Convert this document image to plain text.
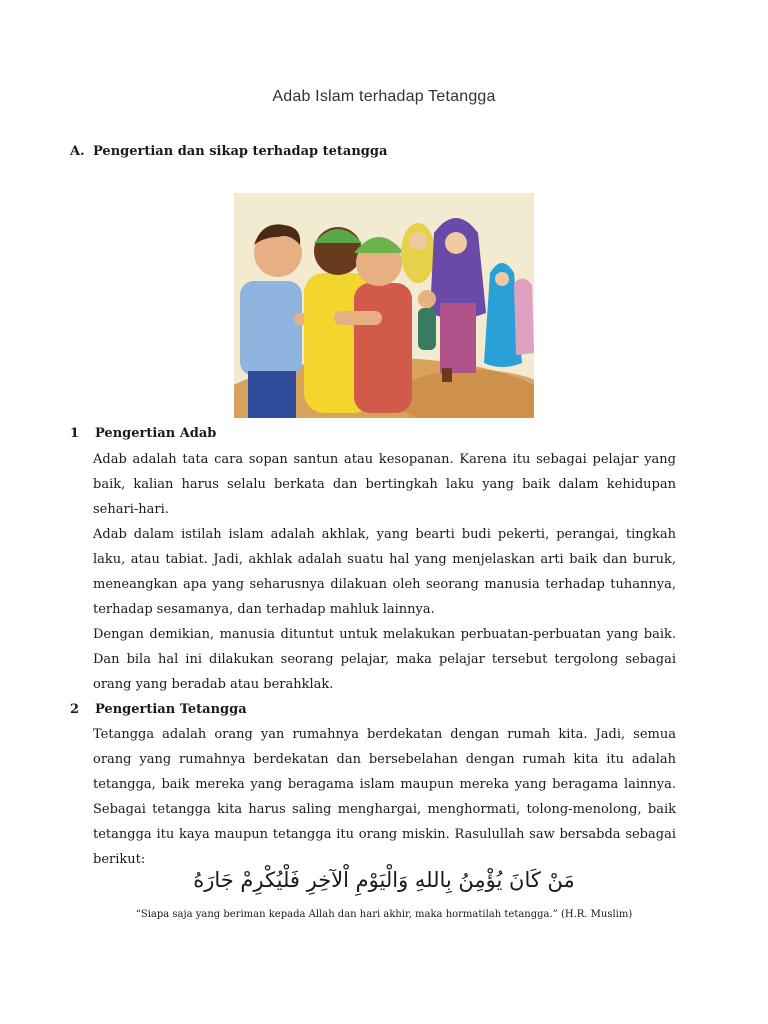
Adab Islam terhadap Tetangga
A. Pengertian dan sikap terhadap tetangga
1 Pengertian Adab

Adab adalah tata cara sopan santun atau kesopanan. Karena itu sebagai pelajar yang baik, kalian harus selalu berkata dan bertingkah laku yang baik dalam kehidupan sehari-hari.

Adab dalam istilah islam adalah akhlak, yang bearti budi pekerti, perangai, tingkah laku, atau tabiat. Jadi, akhlak adalah suatu hal yang menjelaskan arti baik dan buruk, meneangkan apa yang seharusnya dilakuan oleh seorang manusia terhadap tuhannya, terhadap sesamanya, dan terhadap mahluk lainnya.

Dengan demikian, manusia dituntut untuk melakukan perbuatan-perbuatan yang baik. Dan bila hal ini dilakukan seorang pelajar, maka pelajar tersebut tergolong sebagai orang yang beradab atau berahklak.

2 Pengertian Tetangga

Tetangga adalah orang yan rumahnya berdekatan dengan rumah kita. Jadi, semua orang yang rumahnya berdekatan dan bersebelahan dengan rumah kita itu adalah tetangga, baik mereka yang beragama islam maupun mereka yang beragama lainnya. Sebagai tetangga kita harus saling menghargai, menghormati, tolong-menolong, baik tetangga itu kaya maupun tetangga itu orang miskin. Rasulullah saw bersabda sebagai berikut:

مَنْ كَانَ يُؤْمِنُ بِاللهِ وَالْيَوْمِ اْلآخِرِ فَلْيُكْرِمْ جَارَهُ
“Siapa saja yang beriman kepada Allah dan hari akhir, maka hormatilah tetangga.” (H.R. Muslim)
